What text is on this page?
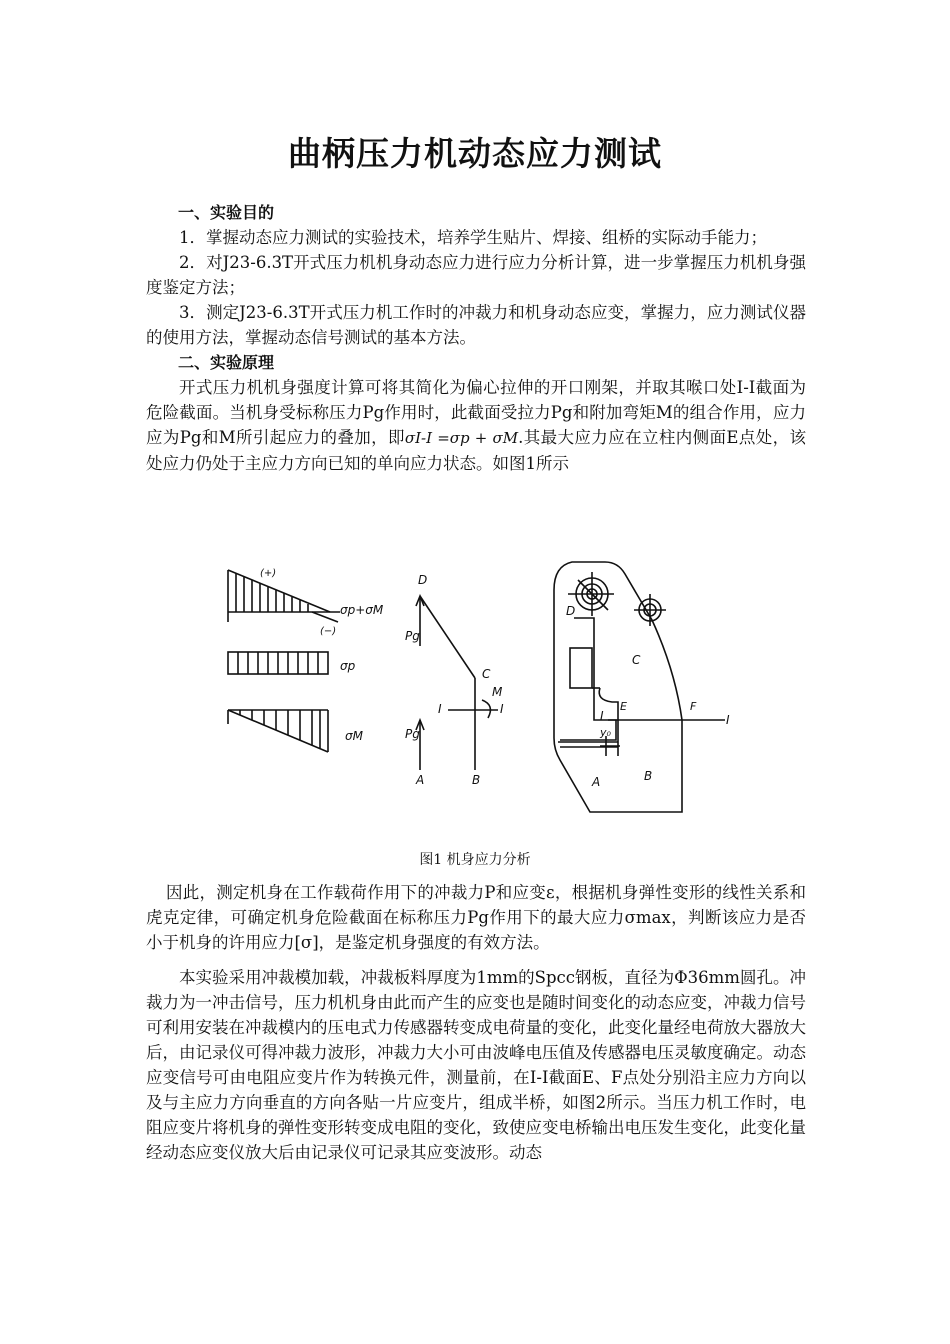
曲柄压力机动态应力测试

一、实验目的

1．掌握动态应力测试的实验技术，培养学生贴片、焊接、组桥的实际动手能力；

2．对J23-6.3T开式压力机机身动态应力进行应力分析计算，进一步掌握压力机机身强度鉴定方法；

3．测定J23-6.3T开式压力机工作时的冲裁力和机身动态应变，掌握力，应力测试仪器的使用方法，掌握动态信号测试的基本方法。

二、实验原理

开式压力机机身强度计算可将其简化为偏心拉伸的开口刚架，并取其喉口处I-I截面为危险截面。当机身受标称压力Pg作用时，此截面受拉力Pg和附加弯矩M的组合作用，应力应为Pg和M所引起应力的叠加，即σI-I =σp + σM.其最大应力应在立柱内侧面E点处，该处应力仍处于主应力方向已知的单向应力状态。如图1所示

(+)
(−)
σp+σM
σp
σM
D
Pg
C
M
I	I
Pg
A	B
D
C
I
E	F
I
y₀
A	B
图1 机身应力分析

因此，测定机身在工作载荷作用下的冲裁力P和应变ε，根据机身弹性变形的线性关系和虎克定律，可确定机身危险截面在标称压力Pg作用下的最大应力σmax，判断该应力是否小于机身的许用应力[σ]，是鉴定机身强度的有效方法。

本实验采用冲裁模加载，冲裁板料厚度为1mm的Spcc钢板，直径为Φ36mm圆孔。冲裁力为一冲击信号，压力机机身由此而产生的应变也是随时间变化的动态应变，冲裁力信号可利用安装在冲裁模内的压电式力传感器转变成电荷量的变化，此变化量经电荷放大器放大后，由记录仪可得冲裁力波形，冲裁力大小可由波峰电压值及传感器电压灵敏度确定。动态应变信号可由电阻应变片作为转换元件，测量前，在I-I截面E、F点处分别沿主应力方向以及与主应力方向垂直的方向各贴一片应变片，组成半桥，如图2所示。当压力机工作时，电阻应变片将机身的弹性变形转变成电阻的变化，致使应变电桥输出电压发生变化，此变化量经动态应变仪放大后由记录仪可记录其应变波形。动态
